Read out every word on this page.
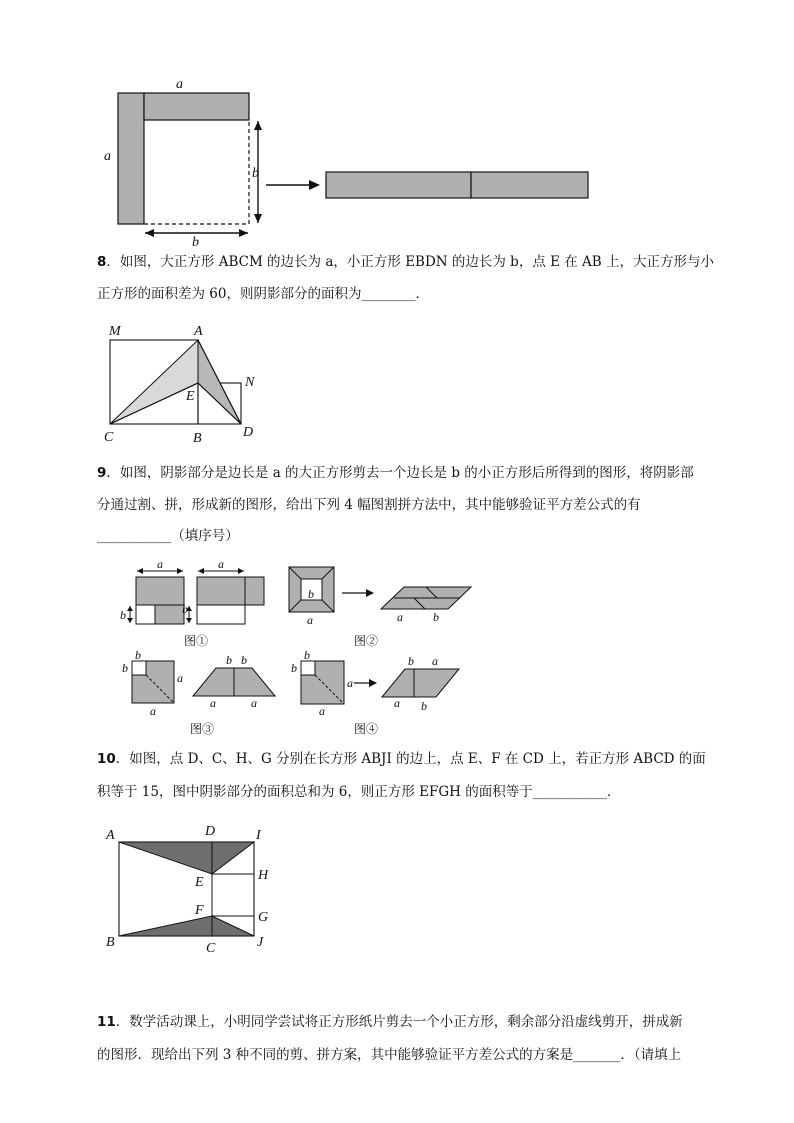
a
a
b
b
8．如图，大正方形 ABCM 的边长为 a，小正方形 EBDN 的边长为 b，点 E 在 AB 上，大正方形与小
正方形的面积差为 60，则阴影部分的面积为________．
M	A
N
E
C	B	D
9．如图，阴影部分是边长是 a 的大正方形剪去一个边长是 b 的小正方形后所得到的图形，将阴影部
分通过割、拼，形成新的图形，给出下列 4 幅图割拼方法中，其中能够验证平方差公式的有
___________（填序号）
a	a
b	b
图①
b
a	a	b
图②
b
b
a
a
b b
a	a
图③
b
b
a
a
b a
a b
图④
10．如图，点 D、C、H、G 分别在长方形 ABJI 的边上，点 E、F 在 CD 上，若正方形 ABCD 的面
积等于 15，图中阴影部分的面积总和为 6，则正方形 EFGH 的面积等于___________．
A	D	I
H
E
F	G
B	C	J
11．数学活动课上，小明同学尝试将正方形纸片剪去一个小正方形，剩余部分沿虚线剪开，拼成新
的图形．现给出下列 3 种不同的剪、拼方案，其中能够验证平方差公式的方案是_______．（请填上
